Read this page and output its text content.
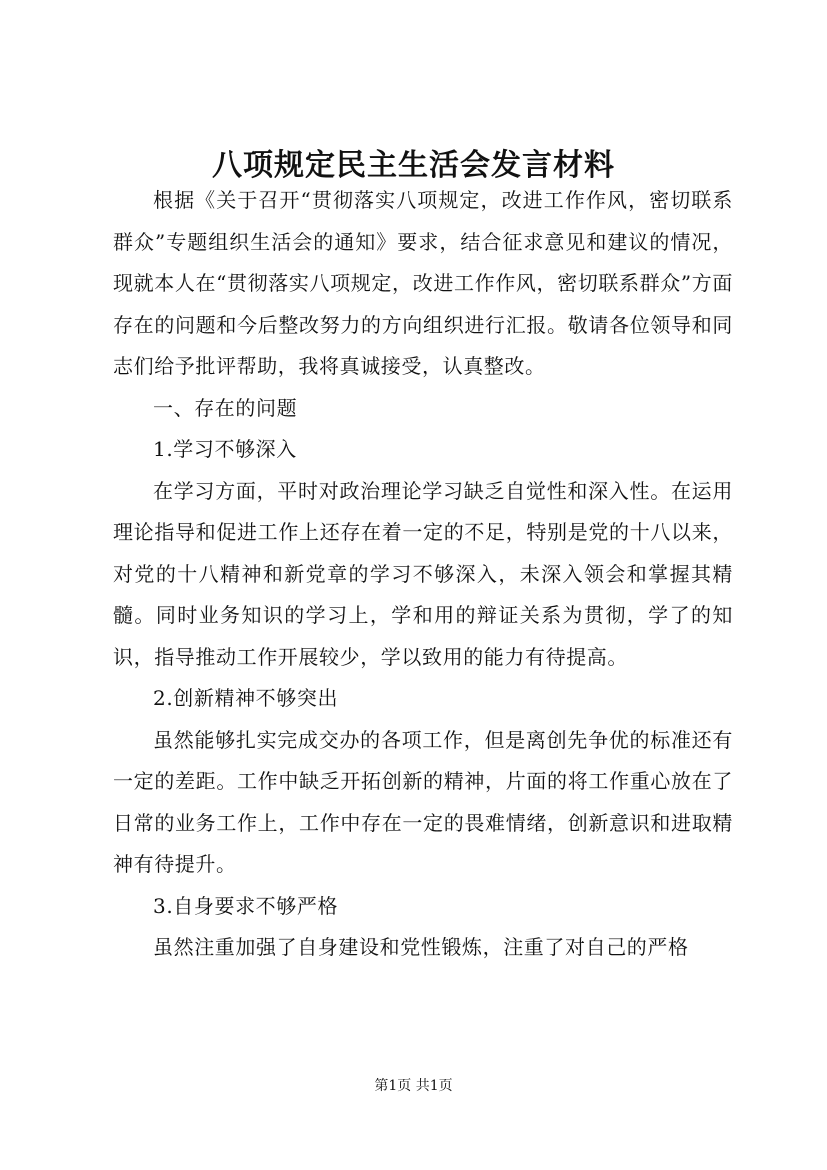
八项规定民主生活会发言材料

根据《关于召开“贯彻落实八项规定，改进工作作风，密切联系群众”专题组织生活会的通知》要求，结合征求意见和建议的情况，现就本人在“贯彻落实八项规定，改进工作作风，密切联系群众”方面存在的问题和今后整改努力的方向组织进行汇报。敬请各位领导和同志们给予批评帮助，我将真诚接受，认真整改。

一、存在的问题

1.学习不够深入

在学习方面，平时对政治理论学习缺乏自觉性和深入性。在运用理论指导和促进工作上还存在着一定的不足，特别是党的十八以来，对党的十八精神和新党章的学习不够深入，未深入领会和掌握其精髓。同时业务知识的学习上，学和用的辩证关系为贯彻，学了的知识，指导推动工作开展较少，学以致用的能力有待提高。

2.创新精神不够突出

虽然能够扎实完成交办的各项工作，但是离创先争优的标准还有一定的差距。工作中缺乏开拓创新的精神，片面的将工作重心放在了日常的业务工作上，工作中存在一定的畏难情绪，创新意识和进取精神有待提升。

3.自身要求不够严格

虽然注重加强了自身建设和党性锻炼，注重了对自己的严格

第1页 共1页
